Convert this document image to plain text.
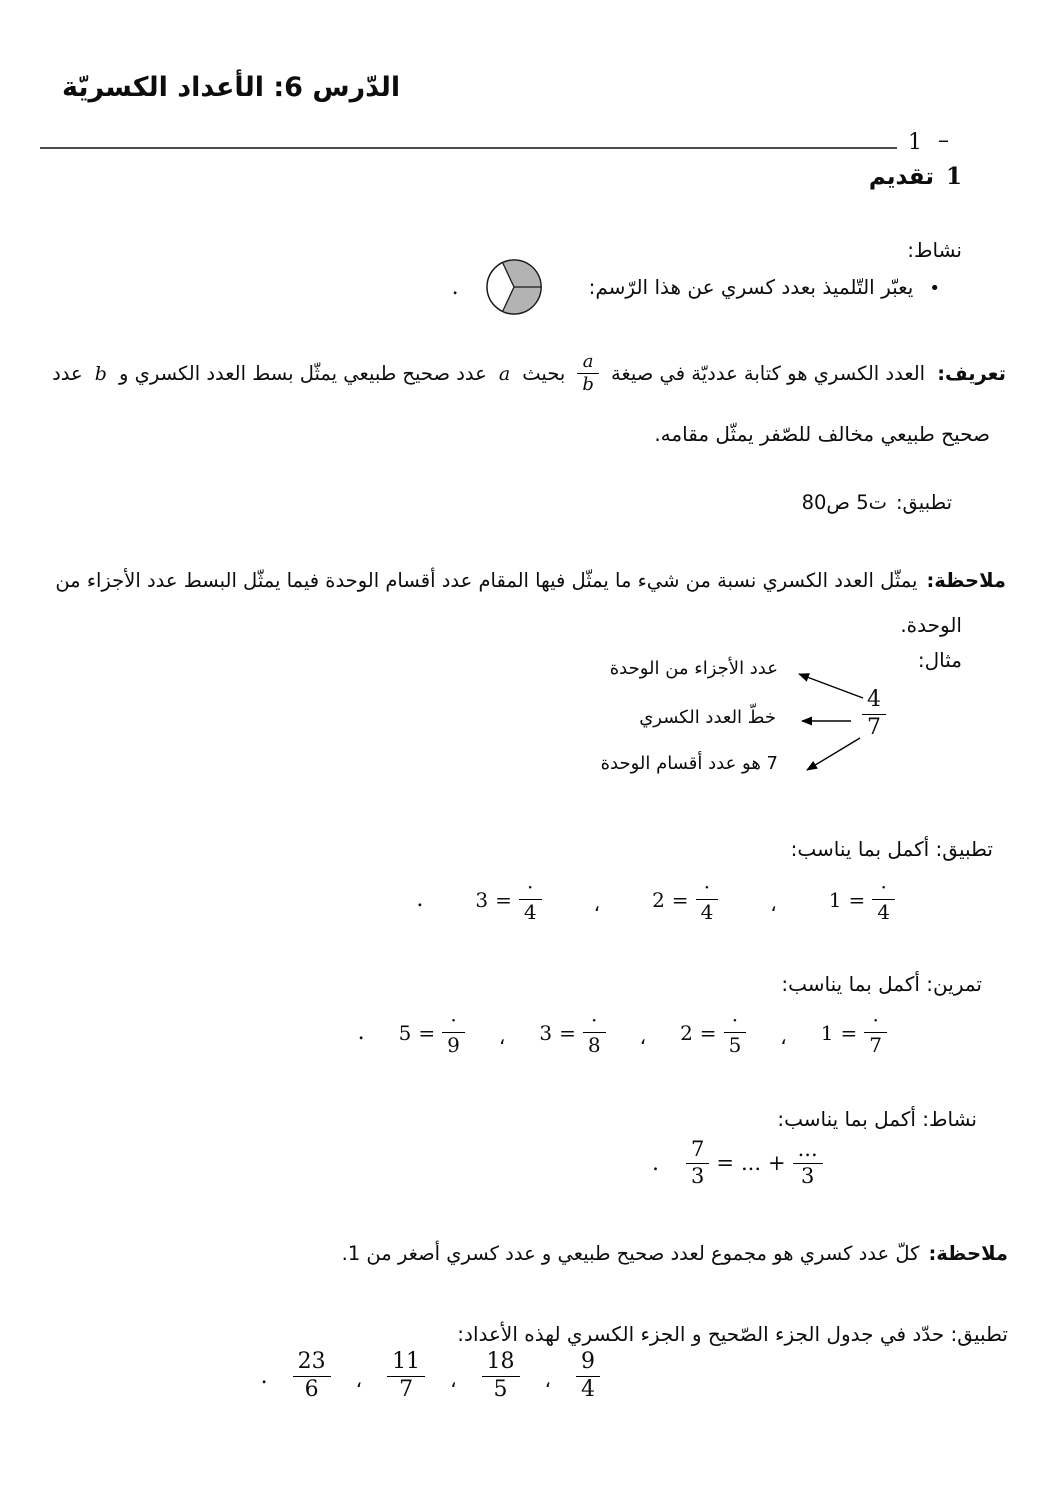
الدّرس 6: الأعداد الكسريّة
1 –
1
تقديم
نشاط:
•
يعبّر التّلميذ بعدد كسري عن هذا الرّسم:
.
تعريف:
العدد الكسري هو كتابة عدديّة في صيغة
$\frac{a}{b}$
بحيث
a
عدد صحيح طبيعي يمثّل بسط العدد الكسري و
b
عدد
صحيح طبيعي مخالف للصّفر يمثّل مقامه.
تطبيق:
ت5 ص80
ملاحظة:
يمثّل العدد الكسري نسبة من شيء ما يمثّل فيها المقام عدد أقسام الوحدة فيما يمثّل البسط عدد الأجزاء من
الوحدة.
مثال:
$\frac{4}{7}$
عدد الأجزاء من الوحدة
خطّ العدد الكسري
7 هو عدد أقسام الوحدة
تطبيق: أكمل بما يناسب:
$1 = \frac{\cdot}{4}$
،
$2 = \frac{\cdot}{4}$
،
$3 = \frac{\cdot}{4}$
.
تمرين: أكمل بما يناسب:
$1 = \frac{\cdot}{7}$
،
$2 = \frac{\cdot}{5}$
،
$3 = \frac{\cdot}{8}$
،
$5 = \frac{\cdot}{9}$
.
نشاط: أكمل بما يناسب:
. $\frac{7}{3}$ = ... + $\frac{...}{3}$
ملاحظة:
كلّ عدد كسري هو مجموع لعدد صحيح طبيعي و عدد كسري أصغر من 1.
تطبيق: حدّد في جدول الجزء الصّحيح و الجزء الكسري لهذه الأعداد:
$\frac{9}{4}$
،
$\frac{18}{5}$
،
$\frac{11}{7}$
،
$\frac{23}{6}$
.
